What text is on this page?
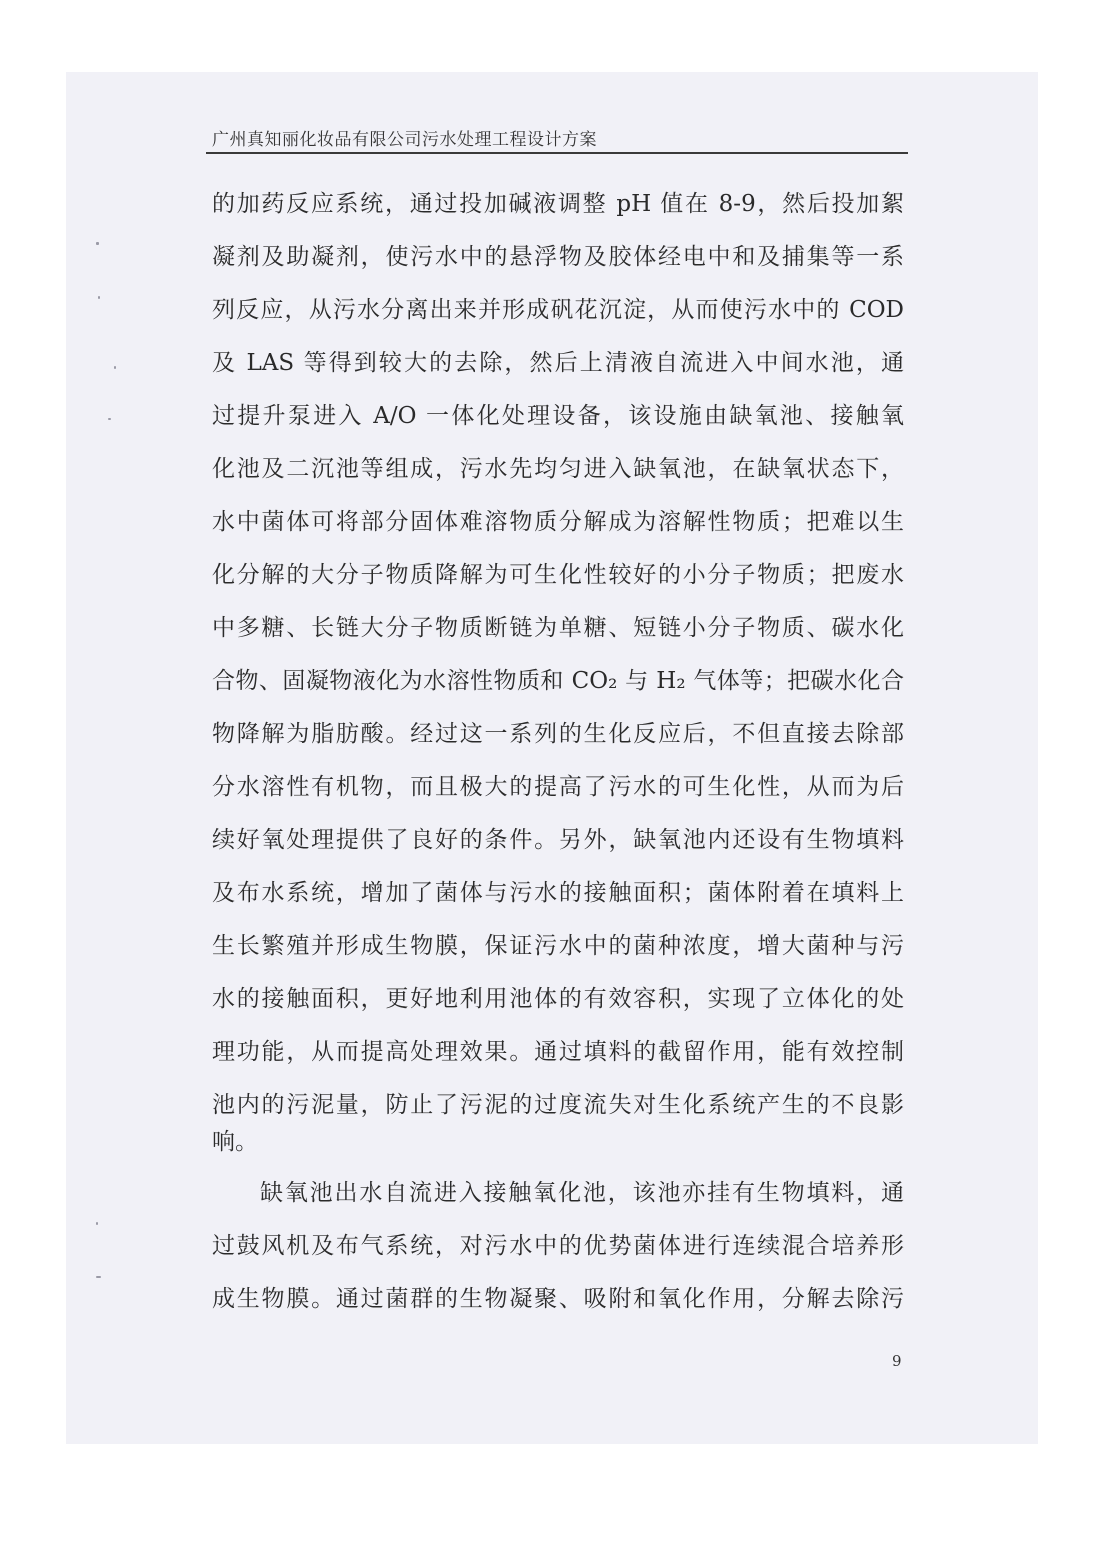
广州真知丽化妆品有限公司污水处理工程设计方案
的加药反应系统，通过投加碱液调整 pH 值在 8-9，然后投加絮
凝剂及助凝剂，使污水中的悬浮物及胶体经电中和及捕集等一系
列反应，从污水分离出来并形成矾花沉淀，从而使污水中的 COD
及 LAS 等得到较大的去除，然后上清液自流进入中间水池，通
过提升泵进入 A/O 一体化处理设备，该设施由缺氧池、接触氧
化池及二沉池等组成，污水先均匀进入缺氧池，在缺氧状态下，
水中菌体可将部分固体难溶物质分解成为溶解性物质；把难以生
化分解的大分子物质降解为可生化性较好的小分子物质；把废水
中多糖、长链大分子物质断链为单糖、短链小分子物质、碳水化
合物、固凝物液化为水溶性物质和 CO₂ 与 H₂ 气体等；把碳水化合
物降解为脂肪酸。经过这一系列的生化反应后，不但直接去除部
分水溶性有机物，而且极大的提高了污水的可生化性，从而为后
续好氧处理提供了良好的条件。另外，缺氧池内还设有生物填料
及布水系统，增加了菌体与污水的接触面积；菌体附着在填料上
生长繁殖并形成生物膜，保证污水中的菌种浓度，增大菌种与污
水的接触面积，更好地利用池体的有效容积，实现了立体化的处
理功能，从而提高处理效果。通过填料的截留作用，能有效控制
池内的污泥量，防止了污泥的过度流失对生化系统产生的不良影
响。
缺氧池出水自流进入接触氧化池，该池亦挂有生物填料，通
过鼓风机及布气系统，对污水中的优势菌体进行连续混合培养形
成生物膜。通过菌群的生物凝聚、吸附和氧化作用，分解去除污
9
